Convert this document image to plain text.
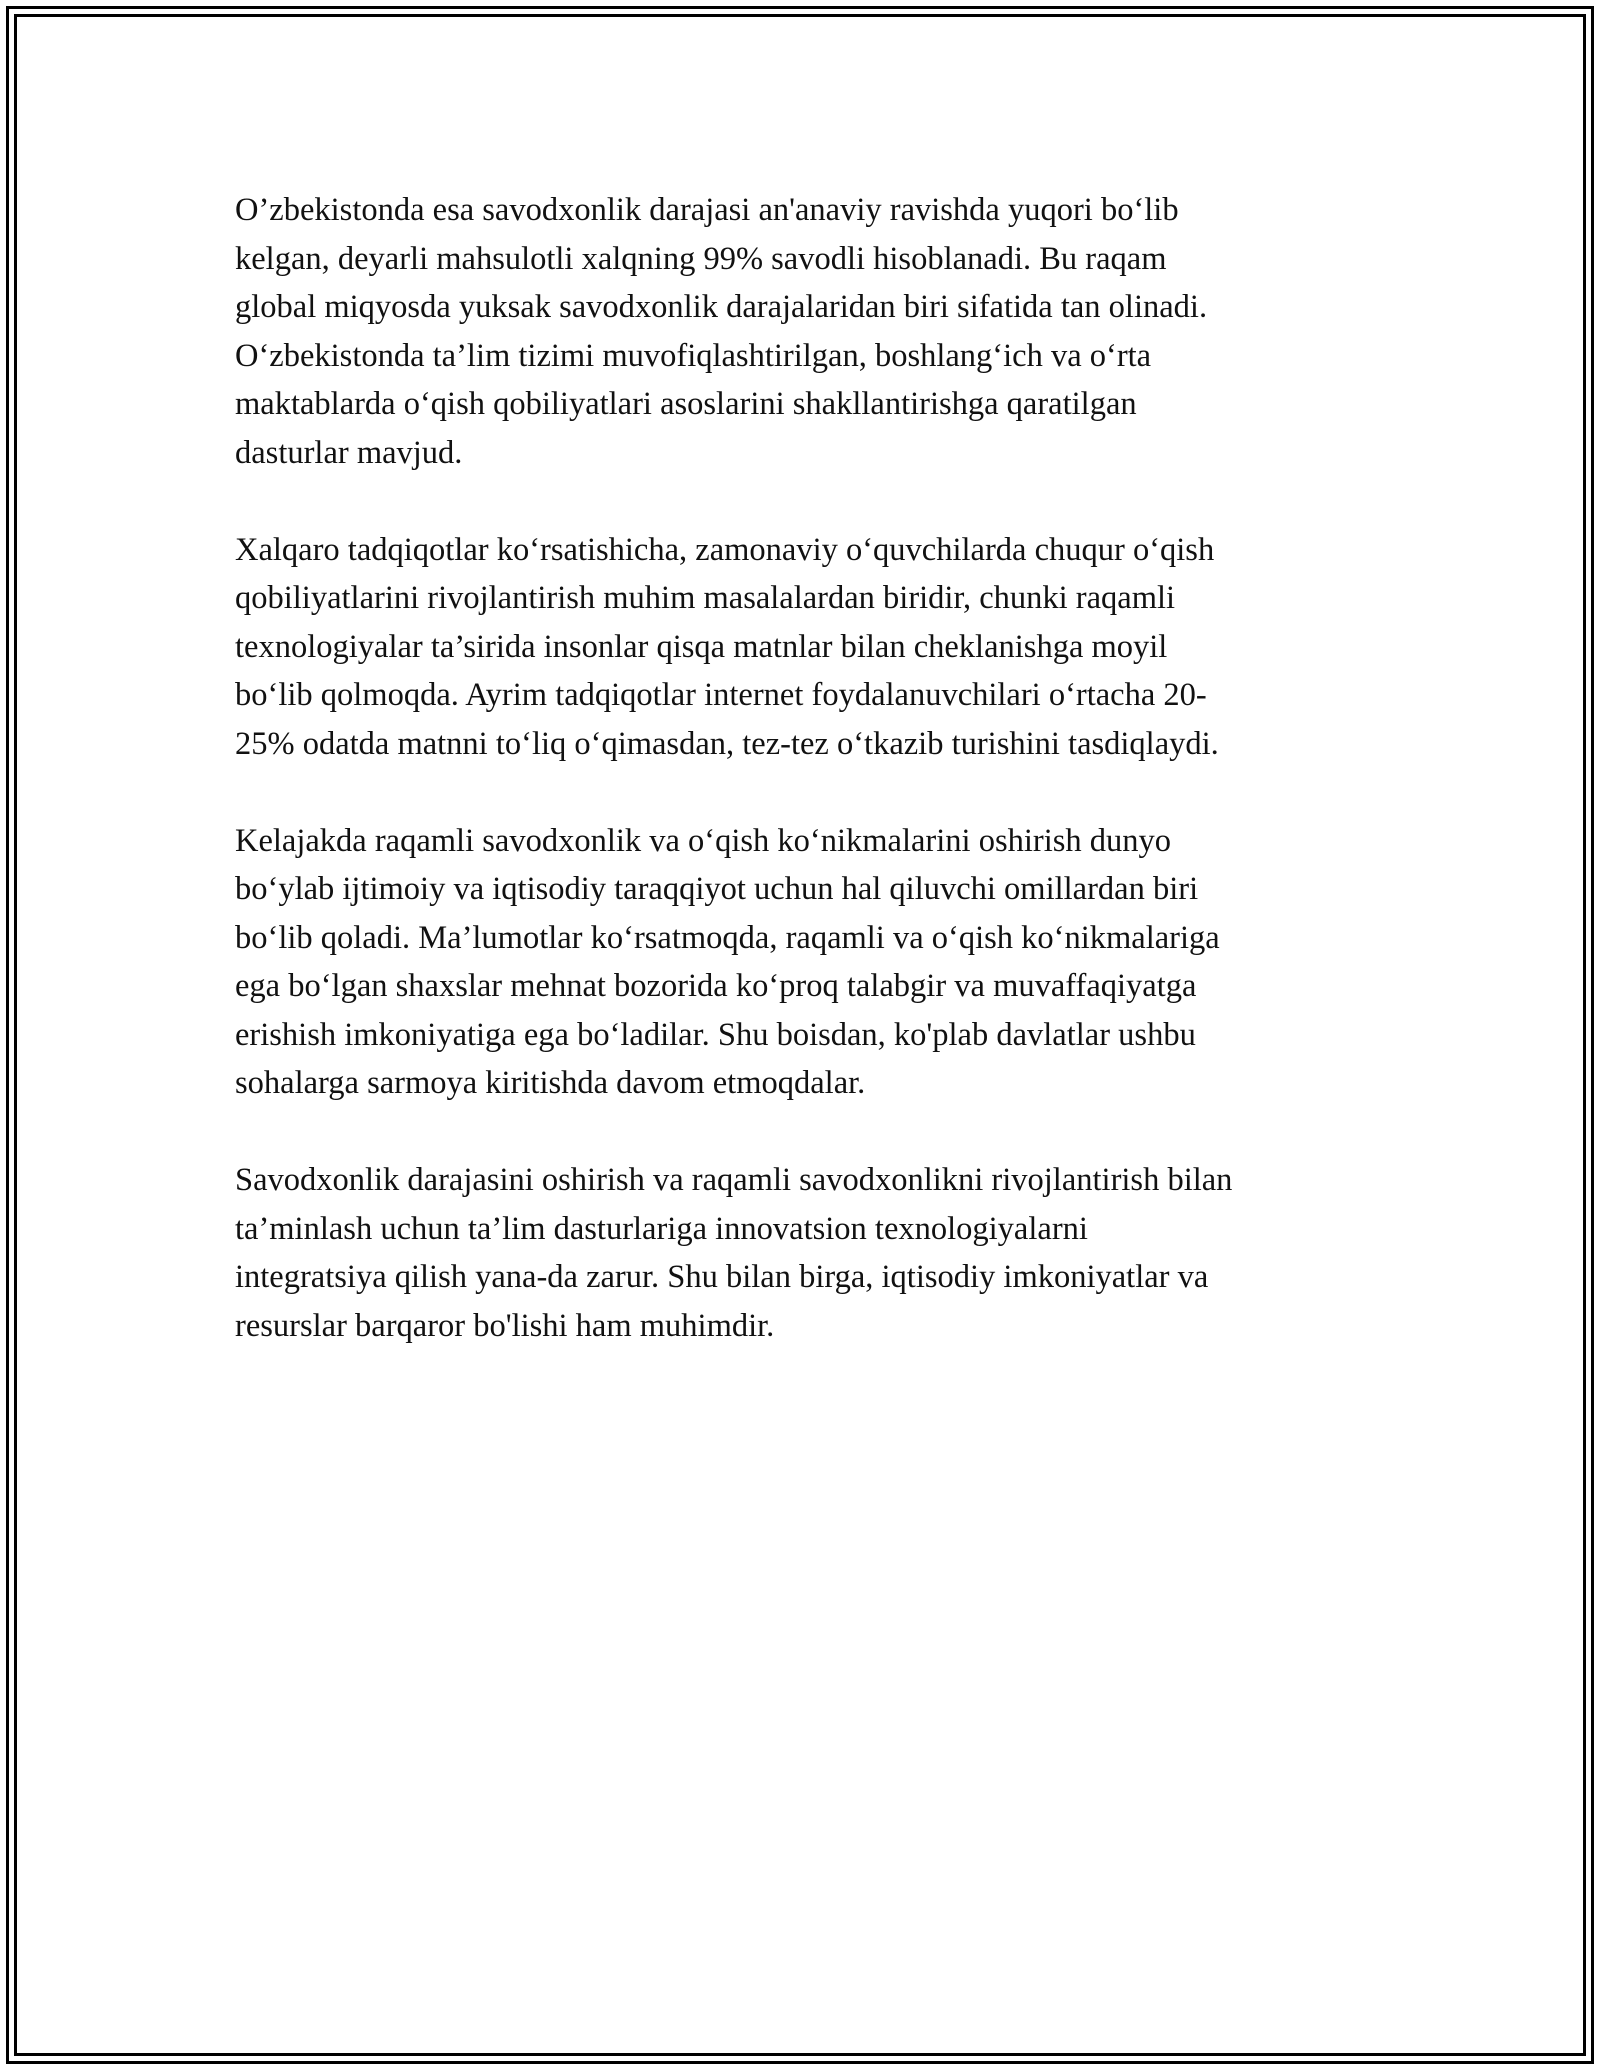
O’zbekistonda esa savodxonlik darajasi an'anaviy ravishda yuqori bo‘lib
kelgan, deyarli mahsulotli xalqning 99% savodli hisoblanadi. Bu raqam
global miqyosda yuksak savodxonlik darajalaridan biri sifatida tan olinadi.
O‘zbekistonda ta’lim tizimi muvofiqlashtirilgan, boshlang‘ich va o‘rta
maktablarda o‘qish qobiliyatlari asoslarini shakllantirishga qaratilgan
dasturlar mavjud.

Xalqaro tadqiqotlar ko‘rsatishicha, zamonaviy o‘quvchilarda chuqur o‘qish
qobiliyatlarini rivojlantirish muhim masalalardan biridir, chunki raqamli
texnologiyalar ta’sirida insonlar qisqa matnlar bilan cheklanishga moyil
bo‘lib qolmoqda. Ayrim tadqiqotlar internet foydalanuvchilari o‘rtacha 20-
25% odatda matnni to‘liq o‘qimasdan, tez-tez o‘tkazib turishini tasdiqlaydi.

Kelajakda raqamli savodxonlik va o‘qish ko‘nikmalarini oshirish dunyo
bo‘ylab ijtimoiy va iqtisodiy taraqqiyot uchun hal qiluvchi omillardan biri
bo‘lib qoladi. Ma’lumotlar ko‘rsatmoqda, raqamli va o‘qish ko‘nikmalariga
ega bo‘lgan shaxslar mehnat bozorida ko‘proq talabgir va muvaffaqiyatga
erishish imkoniyatiga ega bo‘ladilar. Shu boisdan, ko'plab davlatlar ushbu
sohalarga sarmoya kiritishda davom etmoqdalar.

Savodxonlik darajasini oshirish va raqamli savodxonlikni rivojlantirish bilan
ta’minlash uchun ta’lim dasturlariga innovatsion texnologiyalarni
integratsiya qilish yana-da zarur. Shu bilan birga, iqtisodiy imkoniyatlar va
resurslar barqaror bo'lishi ham muhimdir.
